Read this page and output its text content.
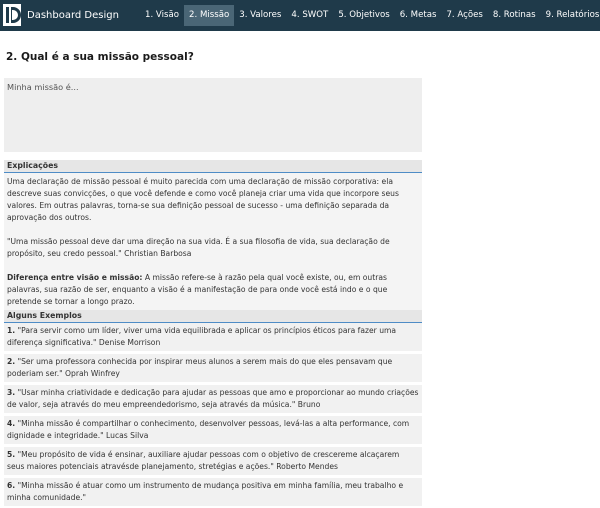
Dashboard Design	1. Visão	2. Missão	3. Valores	4. SWOT	5. Objetivos	6. Metas	7. Ações	8. Rotinas	9. Relatórios
2. Qual é a sua missão pessoal?
Minha missão é...
Explicações

Uma declaração de missão pessoal é muito parecida com uma declaração de missão corporativa: ela descreve suas convicções, o que você defende e como você planeja criar uma vida que incorpore seus valores. Em outras palavras, torna-se sua definição pessoal de sucesso - uma definição separada da aprovação dos outros.

"Uma missão pessoal deve dar uma direção na sua vida. É a sua filosofia de vida, sua declaração de propósito, seu credo pessoal." Christian Barbosa

Diferença entre visão e missão: A missão refere-se à razão pela qual você existe, ou, em outras palavras, sua razão de ser, enquanto a visão é a manifestação de para onde você está indo e o que pretende se tornar a longo prazo.

Alguns Exemplos
1. "Para servir como um líder, viver uma vida equilibrada e aplicar os princípios éticos para fazer uma diferença significativa." Denise Morrison
2. "Ser uma professora conhecida por inspirar meus alunos a serem mais do que eles pensavam que poderiam ser." Oprah Winfrey
3. "Usar minha criatividade e dedicação para ajudar as pessoas que amo e proporcionar ao mundo criações de valor, seja através do meu empreendedorismo, seja através da música." Bruno
4. "Minha missão é compartilhar o conhecimento, desenvolver pessoas, levá-las a alta performance, com dignidade e integridade." Lucas Silva
5. "Meu propósito de vida é ensinar, auxiliare ajudar pessoas com o objetivo de crescereme alcaçarem seus maiores potenciais atravésde planejamento, stretégias e ações." Roberto Mendes
6. "Minha missão é atuar como um instrumento de mudança positiva em minha família, meu trabalho e minha comunidade."
